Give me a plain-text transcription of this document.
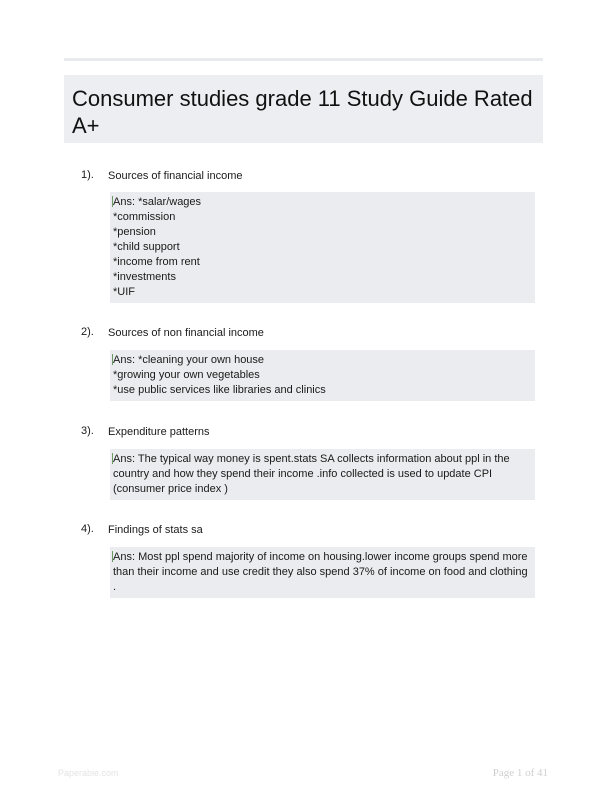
Consumer studies grade 11 Study Guide Rated A+
1). Sources of financial income
Ans: *salar/wages
*commission
*pension
*child support
*income from rent
*investments
*UIF
2). Sources of non financial income
Ans: *cleaning your own house
*growing your own vegetables
*use public services like libraries and clinics
3). Expenditure patterns
Ans: The typical way money is spent.stats SA collects information about ppl in the
country and how they spend their income .info collected is used to update CPI
(consumer price index )
4). Findings of stats sa
Ans: Most ppl spend majority of income on housing.lower income groups spend more
than their income and use credit they also spend 37% of income on food and clothing .
Paperabie.com	Page 1 of 41
